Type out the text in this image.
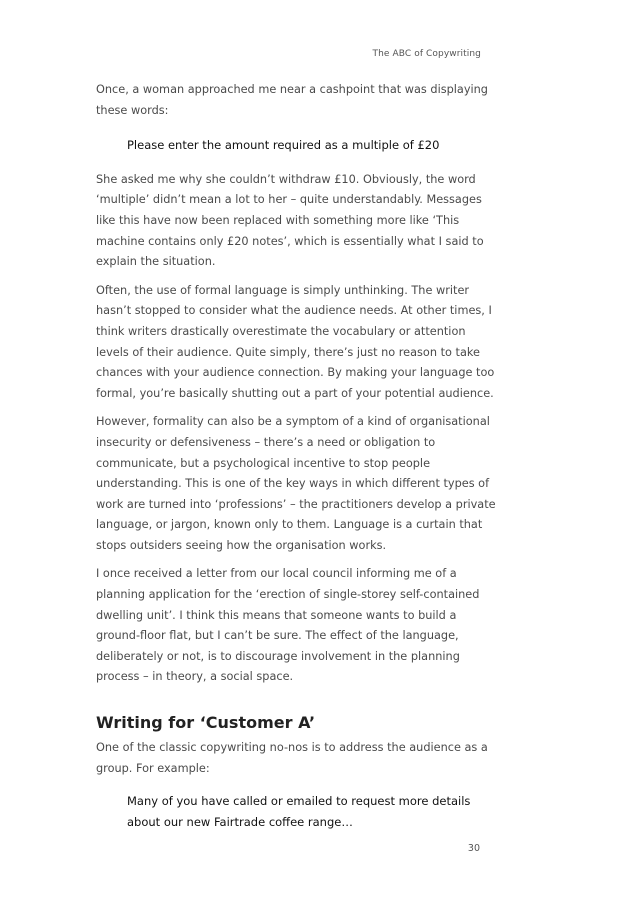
The ABC of Copywriting

Once, a woman approached me near a cashpoint that was displaying these words:

Please enter the amount required as a multiple of £20

She asked me why she couldn’t withdraw £10. Obviously, the word ‘multiple’ didn’t mean a lot to her – quite understandably. Messages like this have now been replaced with something more like ‘This machine contains only £20 notes’, which is essentially what I said to explain the situation.

Often, the use of formal language is simply unthinking. The writer hasn’t stopped to consider what the audience needs. At other times, I think writers drastically overestimate the vocabulary or attention levels of their audience. Quite simply, there’s just no reason to take chances with your audience connection. By making your language too formal, you’re basically shutting out a part of your potential audience.

However, formality can also be a symptom of a kind of organisational insecurity or defensiveness – there’s a need or obligation to communicate, but a psychological incentive to stop people understanding. This is one of the key ways in which different types of work are turned into ‘professions’ – the practitioners develop a private language, or jargon, known only to them. Language is a curtain that stops outsiders seeing how the organisation works.

I once received a letter from our local council informing me of a planning application for the ‘erection of single-storey self-contained dwelling unit’. I think this means that someone wants to build a ground-floor flat, but I can’t be sure. The effect of the language, deliberately or not, is to discourage involvement in the planning process – in theory, a social space.

Writing for ‘Customer A’

One of the classic copywriting no-nos is to address the audience as a group. For example:

Many of you have called or emailed to request more details about our new Fairtrade coffee range…

30
